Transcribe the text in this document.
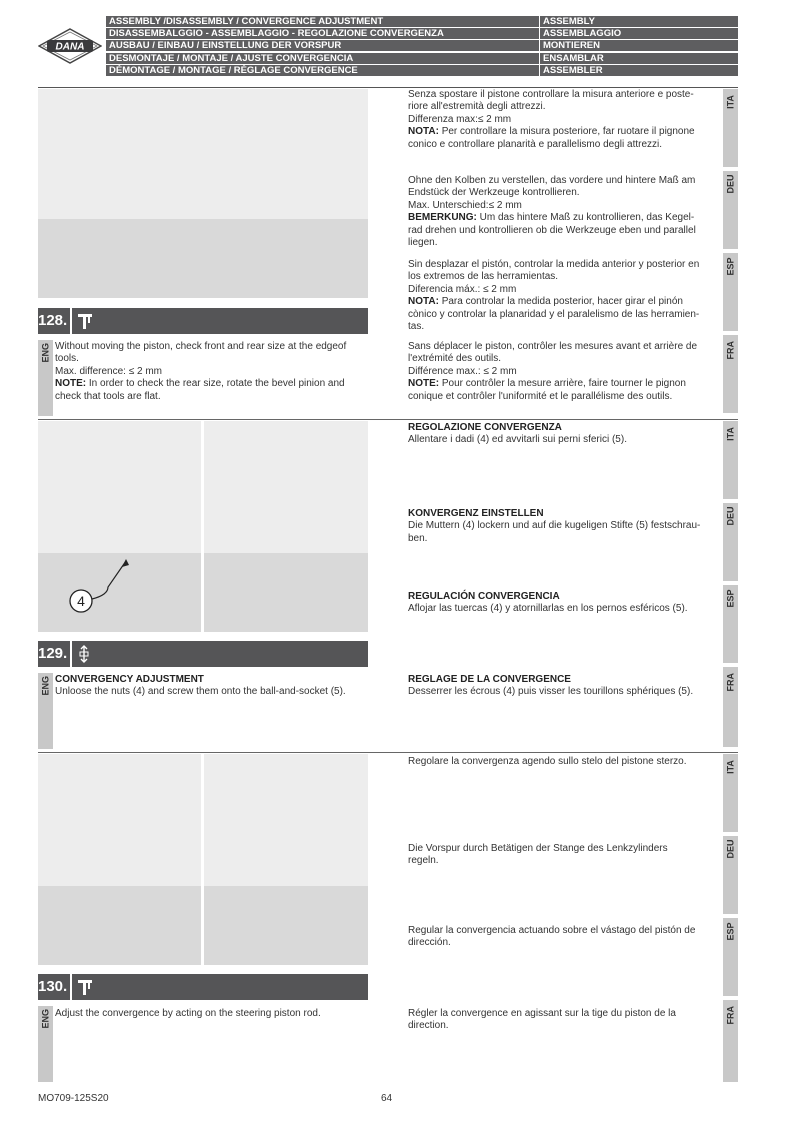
DANA
ASSEMBLY /DISASSEMBLY / CONVERGENCE ADJUSTMENT
DISASSEMBALGGIO - ASSEMBLAGGIO - REGOLAZIONE CONVERGENZA
AUSBAU / EINBAU / EINSTELLUNG DER VORSPUR
DESMONTAJE / MONTAJE / AJUSTE CONVERGENCIA
DÉMONTAGE / MONTAGE / RÉGLAGE CONVERGENCE
ASSEMBLY
ASSEMBLAGGIO
MONTIEREN
ENSAMBLAR
ASSEMBLER
128.
ENG Without moving the piston, check front and rear size at the edgeof
tools.
Max. difference: ≤ 2 mm
NOTE: In order to check the rear size, rotate the bevel pinion and
check that tools are flat.
ITA
Senza spostare il pistone controllare la misura anteriore e poste-
riore all'estremità degli attrezzi.
Differenza max:≤ 2 mm
NOTA: Per controllare la misura posteriore, far ruotare il pignone
conico e controllare planarità e parallelismo degli attrezzi.
DEU
Ohne den Kolben zu verstellen, das vordere und hintere Maß am
Endstück der Werkzeuge kontrollieren.
Max. Unterschied:≤ 2 mm
BEMERKUNG: Um das hintere Maß zu kontrollieren, das Kegel-
rad drehen und kontrollieren ob die Werkzeuge eben und parallel
liegen.
ESP
Sin desplazar el pistón, controlar la medida anterior y posterior en
los extremos de las herramientas.
Diferencia máx.: ≤ 2 mm
NOTA: Para controlar la medida posterior, hacer girar el pinón
cònico y controlar la planaridad y el paralelismo de las herramien-
tas.
FRA
Sans déplacer le piston, contrôler les mesures avant et arrière de
l'extrémité des outils.
Différence max.: ≤ 2 mm
NOTE: Pour contrôler la mesure arrière, faire tourner le pignon
conique et contrôler l'uniformité et le parallélisme des outils.
4
129.
ENG CONVERGENCY ADJUSTMENT
Unloose the nuts (4) and screw them onto the ball-and-socket (5).
ITA
REGOLAZIONE CONVERGENZA
Allentare i dadi (4) ed avvitarli sui perni sferici (5).
DEU
KONVERGENZ EINSTELLEN
Die Muttern (4) lockern und auf die kugeligen Stifte (5) festschrau-
ben.
ESP
REGULACIÓN CONVERGENCIA
Aflojar las tuercas (4) y atornillarlas en los pernos esféricos (5).
FRA
REGLAGE DE LA CONVERGENCE
Desserrer les écrous (4) puis visser les tourillons sphériques (5).
130.
ENG Adjust the convergence by acting on the steering piston rod.
ITA
Regolare la convergenza agendo sullo stelo del pistone sterzo.
DEU
Die Vorspur durch Betätigen der Stange des Lenkzylinders
regeln.
ESP
Regular la convergencia actuando sobre el vástago del pistón de
dirección.
FRA
Régler la convergence en agissant sur la tige du piston de la
direction.
MO709-125S20	64
